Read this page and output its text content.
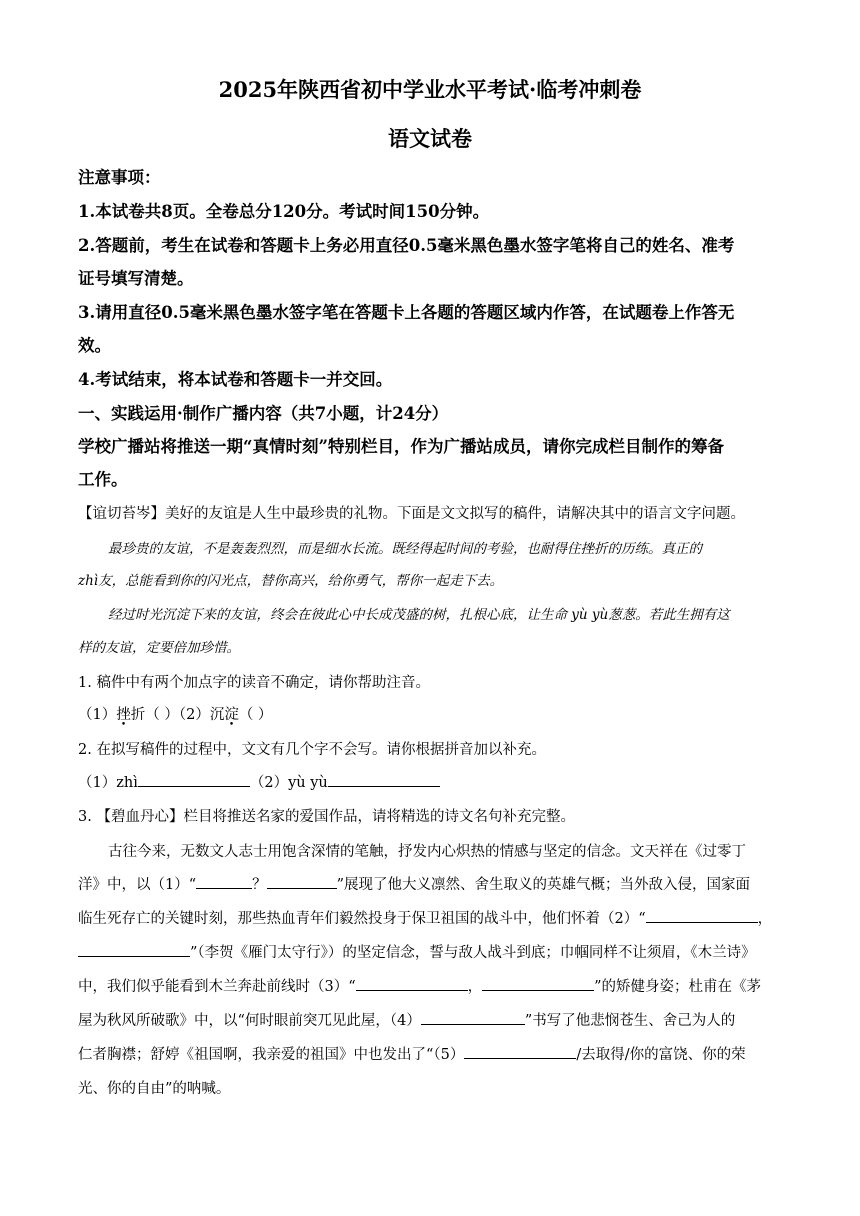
2025年陕西省初中学业水平考试·临考冲刺卷
语文试卷
注意事项：
1.本试卷共8页。全卷总分120分。考试时间150分钟。
2.答题前，考生在试卷和答题卡上务必用直径0.5毫米黑色墨水签字笔将自己的姓名、准考
证号填写清楚。
3.请用直径0.5毫米黑色墨水签字笔在答题卡上各题的答题区域内作答，在试题卷上作答无
效。
4.考试结束，将本试卷和答题卡一并交回。
一、实践运用·制作广播内容（共7小题，计24分）
学校广播站将推送一期“真情时刻”特别栏目，作为广播站成员，请你完成栏目制作的筹备
工作。
【谊切苔岑】美好的友谊是人生中最珍贵的礼物。下面是文文拟写的稿件，请解决其中的语言文字问题。
最珍贵的友谊，不是轰轰烈烈，而是细水长流。既经得起时间的考验，也耐得住挫折的历练。真正的
zhì友，总能看到你的闪光点，替你高兴，给你勇气，帮你一起走下去。
经过时光沉淀下来的友谊，终会在彼此心中长成茂盛的树，扎根心底，让生命 yù yù葱葱。若此生拥有这
样的友谊，定要倍加珍惜。
1. 稿件中有两个加点字的读音不确定，请你帮助注音。
（1）挫折（ ）（2）沉淀（ ）
2. 在拟写稿件的过程中，文文有几个字不会写。请你根据拼音加以补充。
（1）zhì	（2）yù yù
3. 【碧血丹心】栏目将推送名家的爱国作品，请将精选的诗文名句补充完整。
古往今来，无数文人志士用饱含深情的笔触，抒发内心炽热的情感与坚定的信念。文天祥在《过零丁
洋》中，以（1）“	？	”展现了他大义凛然、舍生取义的英雄气概；当外敌入侵，国家面
临生死存亡的关键时刻，那些热血青年们毅然投身于保卫祖国的战斗中，他们怀着（2）“	，
”（李贺《雁门太守行》）的坚定信念，誓与敌人战斗到底；巾帼同样不让须眉，《木兰诗》
中，我们似乎能看到木兰奔赴前线时（3）“	，	”的矫健身姿；杜甫在《茅
屋为秋风所破歌》中，以“何时眼前突兀见此屋，（4）	”书写了他悲悯苍生、舍己为人的
仁者胸襟；舒婷《祖国啊，我亲爱的祖国》中也发出了“（5）	/去取得/你的富饶、你的荣
光、你的自由”的呐喊。
